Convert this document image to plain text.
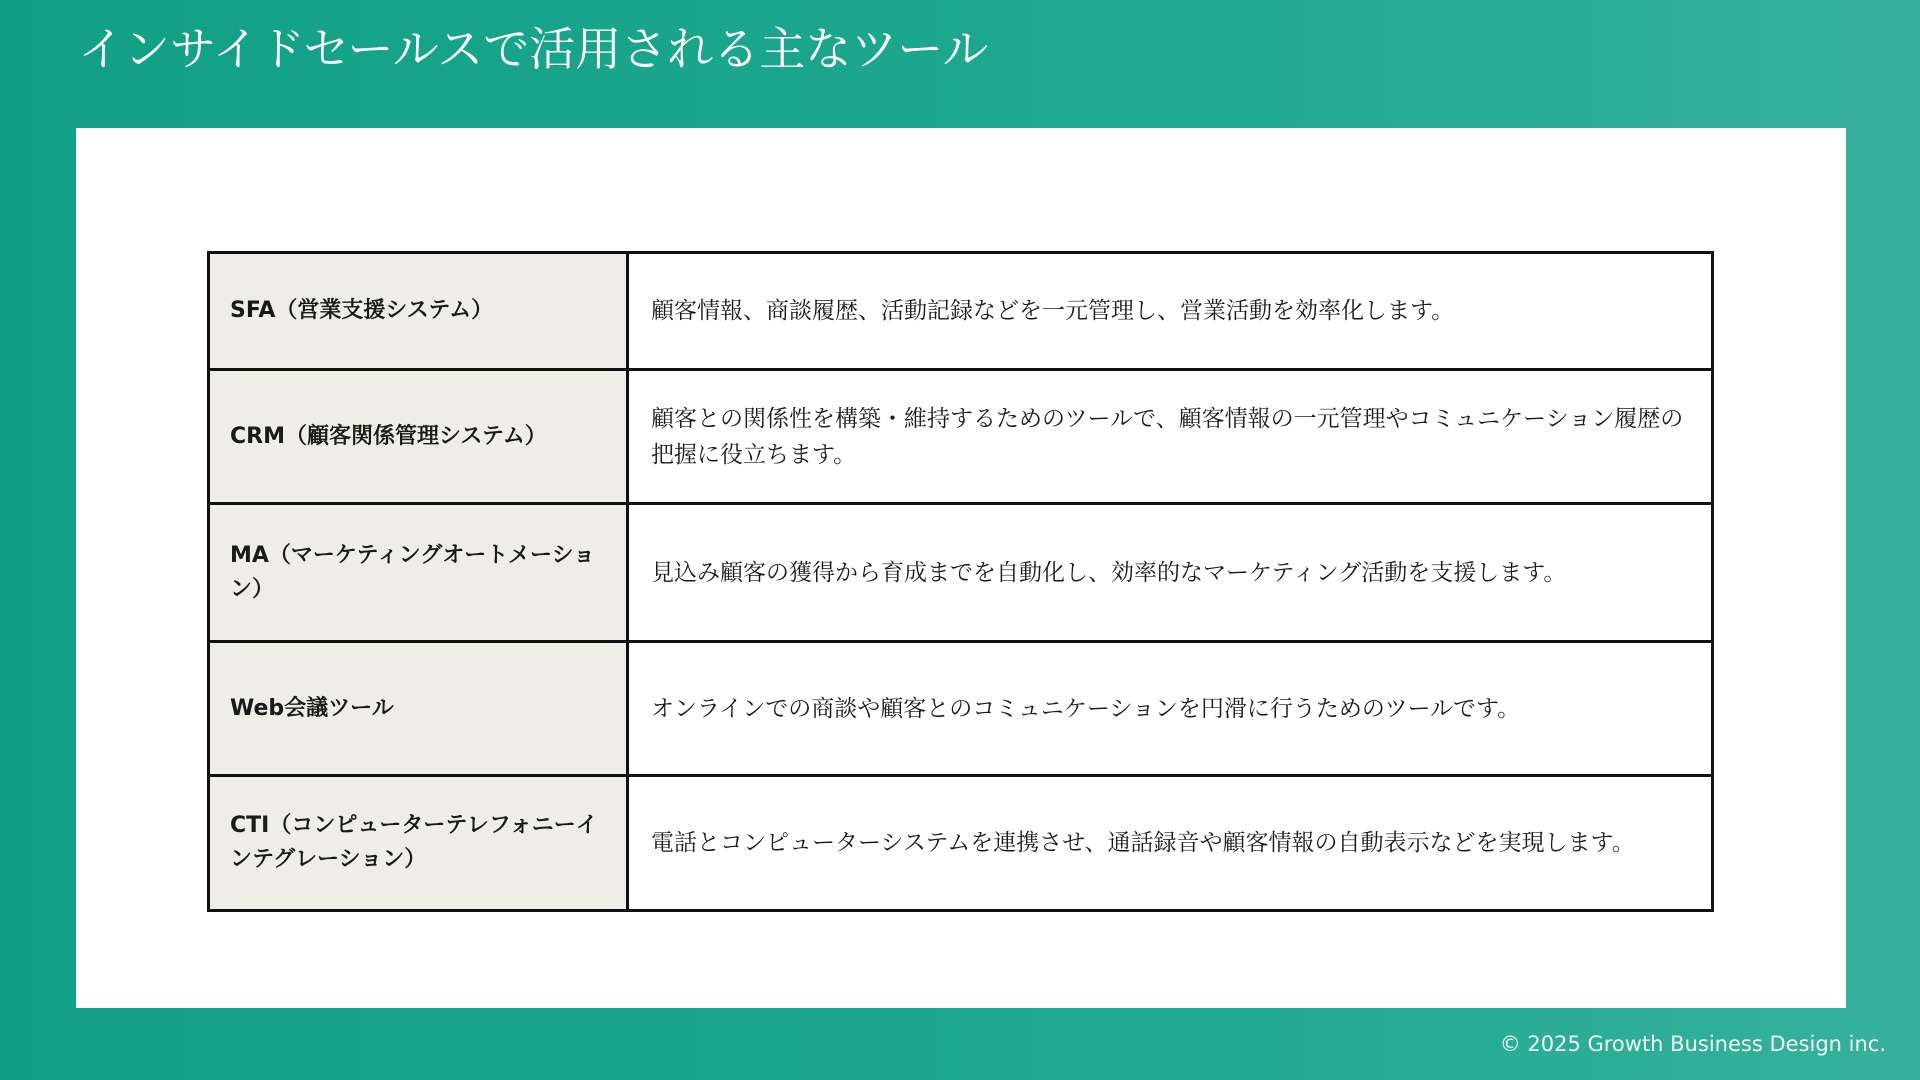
インサイドセールスで活用される主なツール
SFA（営業支援システム）	顧客情報、商談履歴、活動記録などを一元管理し、営業活動を効率化します。
CRM（顧客関係管理システム）	顧客との関係性を構築・維持するためのツールで、顧客情報の一元管理やコミュニケーション履歴の把握に役立ちます。
MA（マーケティングオートメーション）	見込み顧客の獲得から育成までを自動化し、効率的なマーケティング活動を支援します。
Web会議ツール	オンラインでの商談や顧客とのコミュニケーションを円滑に行うためのツールです。
CTI（コンピューターテレフォニーインテグレーション）	電話とコンピューターシステムを連携させ、通話録音や顧客情報の自動表示などを実現します。
© 2025 Growth Business Design inc.
